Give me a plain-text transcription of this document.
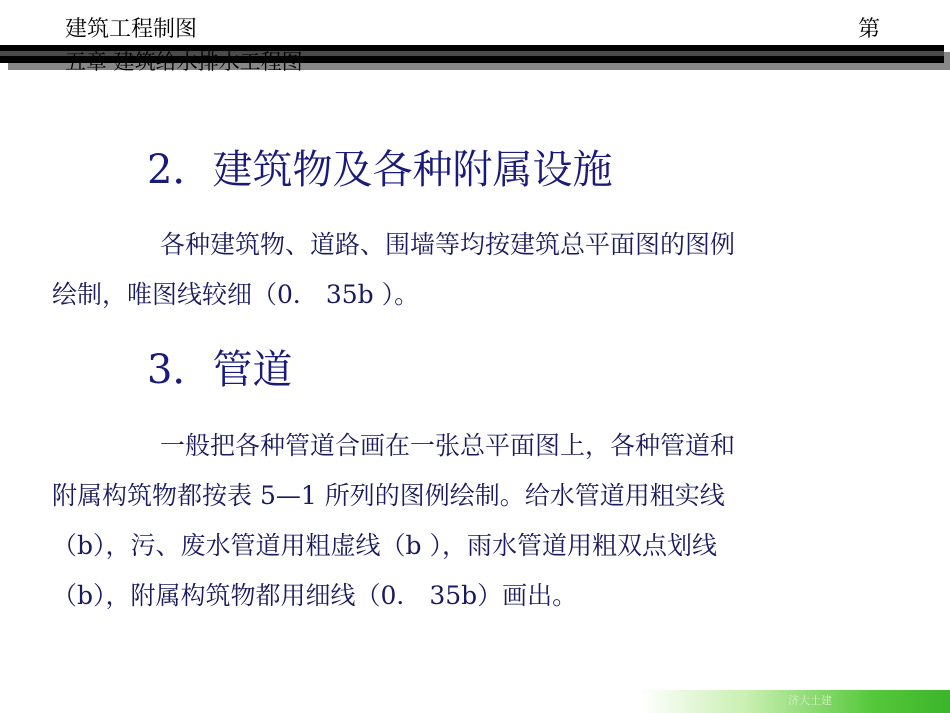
建筑工程制图	第
五章 建筑给水排水工程图
2．建筑物及各种附属设施
各种建筑物、道路、围墙等均按建筑总平面图的图例
绘制，唯图线较细（0． 35b ）。
3．管道
一般把各种管道合画在一张总平面图上，各种管道和
附属构筑物都按表 5—1 所列的图例绘制。给水管道用粗实线
（b），污、废水管道用粗虚线（b ），雨水管道用粗双点划线
（b），附属构筑物都用细线（0． 35b）画出。
济大土建
